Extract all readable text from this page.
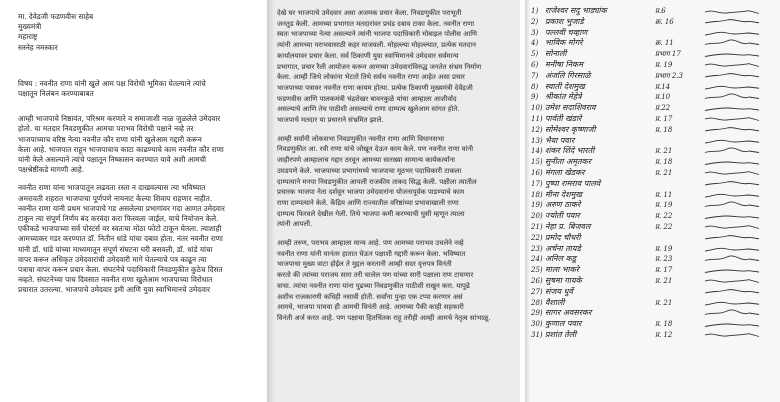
मा. देवेद्रजी फडणवीस साहेब
मुख्यमंत्री
महाराष्ट्र
सस्नेह नमस्कार
विषय : नवनीत राणा यांनी खुले आम पक्ष विरोधी भूमिका घेतल्याने त्यांचे
पक्षातून निलंबन करण्याबाबत
आम्ही भाजपाचे निष्ठावंत, परिश्रम करणारे व समाजाशी नाळ जुळलेले उमेदवार
होतो. या मतदार निवडणुकीत आमचा पराभव विरोधी पक्षाने नव्हे तर
भाजपाच्याच वरिष्ठ नेत्या नवनीत कौर राणा यांनी खुलेआम गद्दारी करून
केला आहे. भाजपात राहून भाजपाचाच काटा काढण्याचे काम नवनीत कौर राणा
यांनी केले असल्याने त्यांचे पक्षातून निष्कासन करण्यात यावे अशी आमची
पक्षश्रेष्ठींकडे मागणी आहे.
नवनीत राणा यांना भाजपातून लढवता रस्ता न दाखवल्यास त्या भविष्यात
अमरावती शहरात भाजपाचा पूर्णपणे नायनाट केल्या शिवाय राहणार नाहीत.
नवनीत राणा यांनी प्रथम भाजपाचे गड असलेल्या प्रभागांवर गदा आणत उमेदवार
टाकून त्या संपूर्ण निर्णय बंद करवंदा करा फिरवला जाईल, याचे नियोजन केले.
एकीकडे भाजपाच्या सर्व पोस्टर्स वर स्वतःचा मोठा फोटो टाकून घेतला. त्याशाही
आमच्याकर गडर करण्यात डॉ. नितीन धांडे यांचा दबाव होता. नंतर नवनीत राणा
यांनी डॉ. धांडे यांच्या माध्यमातून संपूर्ण संघटना घरी बसवली, डॉ. धांडे यांचा
वापर करून अधिकृत उमेदवारांची उमेदवारी मागे घेतल्याचे पत्र काढून त्या
पत्राचा वापर करून प्रचार केला. संघटनेचे पदाधिकारी निवडणुकीत कुठेच दिसत
नव्हते. संघटनेच्या पाच दिवसात नवनीत राणा खुलेआम भाजपाच्या विरोधात
प्रचारात उतरल्या. भाजपाचे उमेदवार इमी आणि युवा स्वाभिमानचे उमेदवार
देखे घर भाजपाचे उमेदवार असा अजमक प्रचार केला. निवडणुकीत पराभूती
जनतुड केली. आमच्या प्रभागात मतदारांवर प्रचंड दबाव टाका केला. नवनीत राणा
स्वतः भाजपाच्या नेत्या असल्याने त्यांनी भाजपा पदाधिकारी मोबाइल पोलीस आणि
त्यांनी आमच्या पराभवासाठी कहर माजवली. मोहल्ल्या मोहल्ल्यात, प्रत्येक मतदान
कार्यालयावर प्रचार केला. सर्व ठिकाणी युवा स्वाभिमानचे उमेदवार सर्वमान्य
प्रभागात, प्रचार रैली आयोजन करून आमच्या उमेदवारांविरुद्ध जनतेत संभ्रम निर्माण
केला. आम्ही जिथे लोकांना भेटतो तिथे सर्वच नवनीत राणा आहेत असा प्रचार
भाजपाच्या पत्रावर नवनीत राणा कायम होत्या. प्रत्येक ठिकाणी मुख्यमंत्री देवेंद्रजी
फडणवीस आणि पालकमंत्री चंद्रशेखर बावनकुळे यांचा आम्हाला आशीर्वाद
असल्याचे आणि तेच पाठीशी असल्याचे राणा दाम्पत्य खुलेआम सांगत होते.
भाजपाचे मतदार या प्रचाराने संभ्रमित झाले.
आम्ही सर्वांनी लोकसभा निवडणुकीत नवनीत राणा आणि विधानसभा
निवडणुकीत आ. रवी राणा यांचे जोखून देऊन काम केले. पण नवनीत राणा यांनी
जाहीरपणे आम्हालाच गद्दार ठरवून आमच्या सारख्या सामान्य कार्यकर्त्यांना
उघडपणे केले. भाजपाच्या प्रभागांमध्ये भाजपाचा मूठभर पदाधिकारी टाकला
दाम्पत्याने मनपा निवडणुकीत आपली राजकीय ताकद सिद्ध केली. पक्षीला त्यातील
प्रचारक भाजपा नेता दर्शवून भाजपा उमेदवारांना योजनापूर्वक पाडण्याचे काम
राणा दाम्पत्याने केले. केंद्रिय आणि राज्यातील वरिष्ठांच्या प्रभावाखाली राणा
दाम्पत्य फिरवले देखील गेली. तिथे भाजपा कमी करण्याची घुसी म्हणून त्याला
त्यांनी आपली.
आम्ही तरुण, पराभव आम्हाला मान्य आहे. पण आमच्या पराभव उचलेने नव्हे
नवनीत राणा यांनी यानंतर हातात घेऊन पक्षाशी गद्दारी करून केला. भविष्यात
भाजपाचा मुख्य वाटा होईल ते मुद्दल करतानी आम्ही सदर वृत्तपत्र विनंती
करतो की त्यांच्या पराजय सारा तरी चालेल पण यांच्या सारी पक्षाला राण टाचणार
वाचा. त्यांचा नवनीत राणा यांना पुढच्या निवडणुकीत पाठीशी राखुन करा. यापुढे
अशीच राजकारणी कधिही नसावी होती. सर्वांना पुन्हा एक टप्पा करणार असं
आमचे, भाजपा पाचवा ही आमची विनंती आहे. आमच्या पैकी काही सहकारी
विनंती अर्ज करत आहे. पण पक्षाचा हितचिंतक राहू तरीही आम्ही आमचे नेतृत्व सांभाळू.
1) राजेश्वर सदु भाड्यांक	प्र.6
2) प्रकाश भुजाडे	क्र. 16
3) पल्लवी चव्हाण
4) भाविक मोगरे	क्र. 11
5) सोनाली	प्रभाग 17
6) मनीषा निकम	प्र. 19
7) अंजलि गिरसाळे	प्रभाग 2.3
8) स्वाती देशमुख	प्र.14
9) श्रीकांत मेहेत्रे	प्र.10
10) उमेश सदाशिवराव	प्र.22
11) पार्वती खंडारे	प्र. 17
12) सोमेश्वर कृष्णाजी	प्र. 18
13) भैया पवार
14) शंकर शिंदे भारती	प्र. 21
15) सुनीता अमृतकर	प्र. 18
16) मंगला खेडकर	प्र. 21
17) पुष्पा रामराव पालवे
18) मीना देशमुख	प्र. 11
19) अरुण ठाकरे	प्र. 19
20) ज्योती पवार	प्र. 22
21) नेहा प्र. बिजवल	प्र. 22
22) प्रमोद चौधरी
23) अर्चना तायडे	प्र. 19
24) अनिल कडू	प्र. 23
25) माला भाकरे	प्र. 17
26) सुषमा गायके	प्र. 21
27) संजय धुर्वे
28) वैशाली	प्र. 21
29) सागर अवसरकर
30) कुणाल पवार	प्र. 18
31) प्रशांत तेली	प्र. 12
